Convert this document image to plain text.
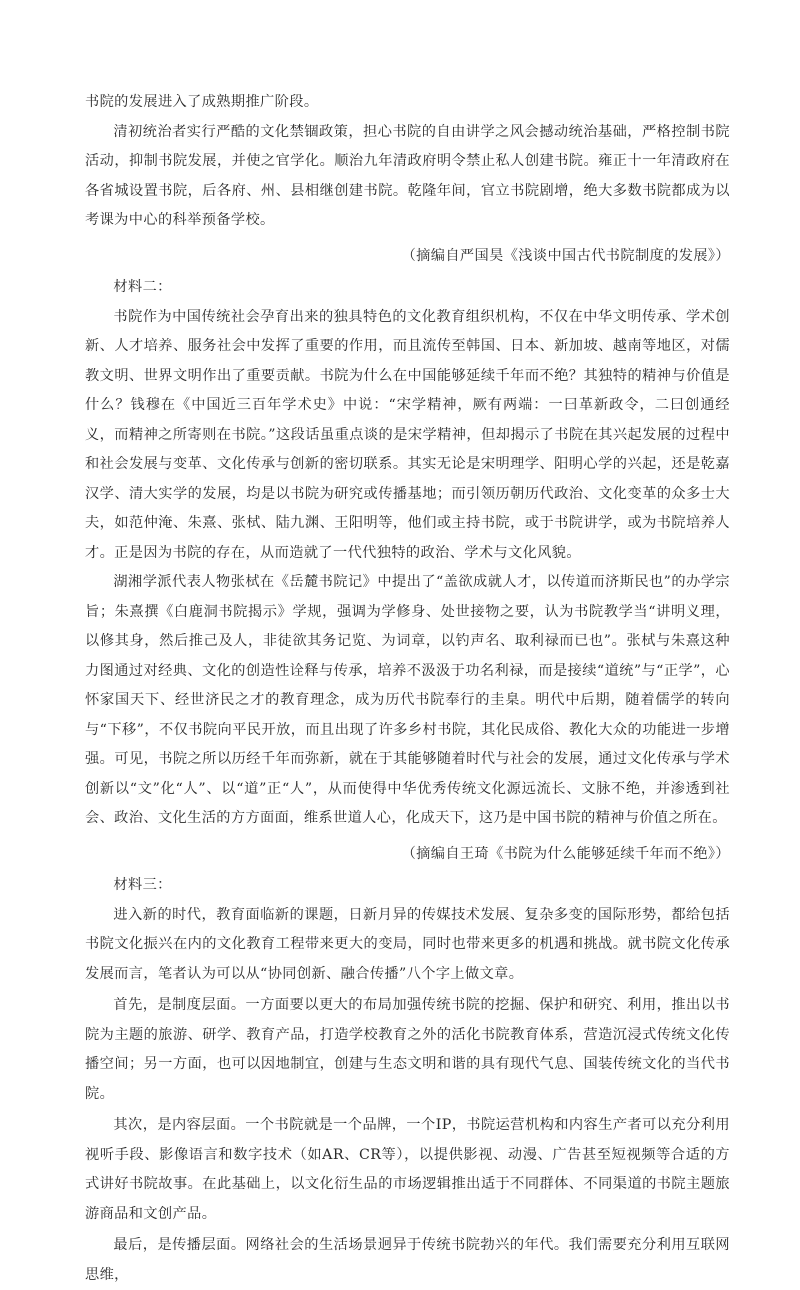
书院的发展进入了成熟期推广阶段。

清初统治者实行严酷的文化禁锢政策，担心书院的自由讲学之风会撼动统治基础，严格控制书院活动，抑制书院发展，并使之官学化。顺治九年清政府明令禁止私人创建书院。雍正十一年清政府在各省城设置书院，后各府、州、县相继创建书院。乾隆年间，官立书院剧增，绝大多数书院都成为以考课为中心的科举预备学校。

（摘编自严国昊《浅谈中国古代书院制度的发展》）

材料二：

书院作为中国传统社会孕育出来的独具特色的文化教育组织机构，不仅在中华文明传承、学术创新、人才培养、服务社会中发挥了重要的作用，而且流传至韩国、日本、新加坡、越南等地区，对儒教文明、世界文明作出了重要贡献。书院为什么在中国能够延续千年而不绝？其独特的精神与价值是什么？钱穆在《中国近三百年学术史》中说：“宋学精神，厥有两端：一曰革新政令，二曰创通经义，而精神之所寄则在书院。”这段话虽重点谈的是宋学精神，但却揭示了书院在其兴起发展的过程中和社会发展与变革、文化传承与创新的密切联系。其实无论是宋明理学、阳明心学的兴起，还是乾嘉汉学、清大实学的发展，均是以书院为研究或传播基地；而引领历朝历代政治、文化变革的众多士大夫，如范仲淹、朱熹、张栻、陆九渊、王阳明等，他们或主持书院，或于书院讲学，或为书院培养人才。正是因为书院的存在，从而造就了一代代独特的政治、学术与文化风貌。

湖湘学派代表人物张栻在《岳麓书院记》中提出了“盖欲成就人才，以传道而济斯民也”的办学宗旨；朱熹撰《白鹿洞书院揭示》学规，强调为学修身、处世接物之要，认为书院教学当“讲明义理，以修其身，然后推己及人，非徒欲其务记览、为词章，以钓声名、取利禄而已也”。张栻与朱熹这种力图通过对经典、文化的创造性诠释与传承，培养不汲汲于功名利禄，而是接续“道统”与“正学”，心怀家国天下、经世济民之才的教育理念，成为历代书院奉行的圭臬。明代中后期，随着儒学的转向与“下移”，不仅书院向平民开放，而且出现了许多乡村书院，其化民成俗、教化大众的功能进一步增强。可见，书院之所以历经千年而弥新，就在于其能够随着时代与社会的发展，通过文化传承与学术创新以“文”化“人”、以“道”正“人”，从而使得中华优秀传统文化源远流长、文脉不绝，并渗透到社会、政治、文化生活的方方面面，维系世道人心，化成天下，这乃是中国书院的精神与价值之所在。

（摘编自王琦《书院为什么能够延续千年而不绝》）

材料三：

进入新的时代，教育面临新的课题，日新月异的传媒技术发展、复杂多变的国际形势，都给包括书院文化振兴在内的文化教育工程带来更大的变局，同时也带来更多的机遇和挑战。就书院文化传承发展而言，笔者认为可以从“协同创新、融合传播”八个字上做文章。

首先，是制度层面。一方面要以更大的布局加强传统书院的挖掘、保护和研究、利用，推出以书院为主题的旅游、研学、教育产品，打造学校教育之外的活化书院教育体系，营造沉浸式传统文化传播空间；另一方面，也可以因地制宜，创建与生态文明和谐的具有现代气息、国装传统文化的当代书院。

其次，是内容层面。一个书院就是一个品牌，一个IP，书院运营机构和内容生产者可以充分利用视听手段、影像语言和数字技术（如AR、CR等），以提供影视、动漫、广告甚至短视频等合适的方式讲好书院故事。在此基础上，以文化衍生品的市场逻辑推出适于不同群体、不同渠道的书院主题旅游商品和文创产品。

最后，是传播层面。网络社会的生活场景迥异于传统书院勃兴的年代。我们需要充分利用互联网思维，
